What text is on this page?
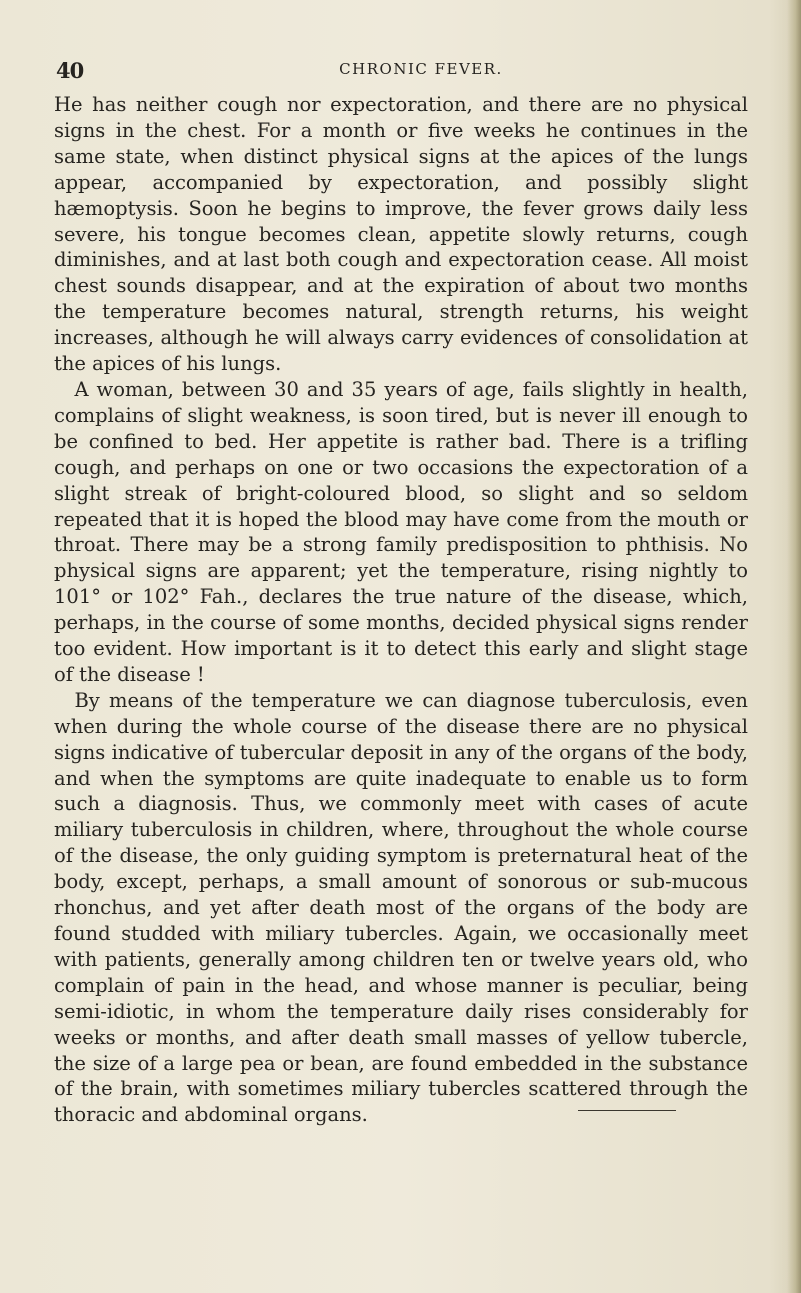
40	CHRONIC FEVER.

He has neither cough nor expectoration, and there are no physical signs in the chest. For a month or five weeks he continues in the same state, when distinct physical signs at the apices of the lungs appear, accompanied by expectoration, and possibly slight hæmoptysis. Soon he begins to improve, the fever grows daily less severe, his tongue becomes clean, appetite slowly returns, cough diminishes, and at last both cough and expectoration cease. All moist chest sounds disappear, and at the expiration of about two months the temperature becomes natural, strength returns, his weight increases, although he will always carry evidences of consolidation at the apices of his lungs.

A woman, between 30 and 35 years of age, fails slightly in health, complains of slight weakness, is soon tired, but is never ill enough to be confined to bed. Her appetite is rather bad. There is a trifling cough, and perhaps on one or two occasions the expectoration of a slight streak of bright-coloured blood, so slight and so seldom repeated that it is hoped the blood may have come from the mouth or throat. There may be a strong family predisposition to phthisis. No physical signs are apparent; yet the temperature, rising nightly to 101° or 102° Fah., declares the true nature of the disease, which, perhaps, in the course of some months, decided physical signs render too evident. How important is it to detect this early and slight stage of the disease !

By means of the temperature we can diagnose tuberculosis, even when during the whole course of the disease there are no physical signs indicative of tubercular deposit in any of the organs of the body, and when the symptoms are quite inadequate to enable us to form such a diagnosis. Thus, we commonly meet with cases of acute miliary tuberculosis in children, where, throughout the whole course of the disease, the only guiding symptom is preternatural heat of the body, except, perhaps, a small amount of sonorous or sub-mucous rhonchus, and yet after death most of the organs of the body are found studded with miliary tubercles. Again, we occasionally meet with patients, generally among children ten or twelve years old, who complain of pain in the head, and whose manner is peculiar, being semi-idiotic, in whom the temperature daily rises considerably for weeks or months, and after death small masses of yellow tubercle, the size of a large pea or bean, are found embedded in the substance of the brain, with sometimes miliary tubercles scattered through the thoracic and abdominal organs.
